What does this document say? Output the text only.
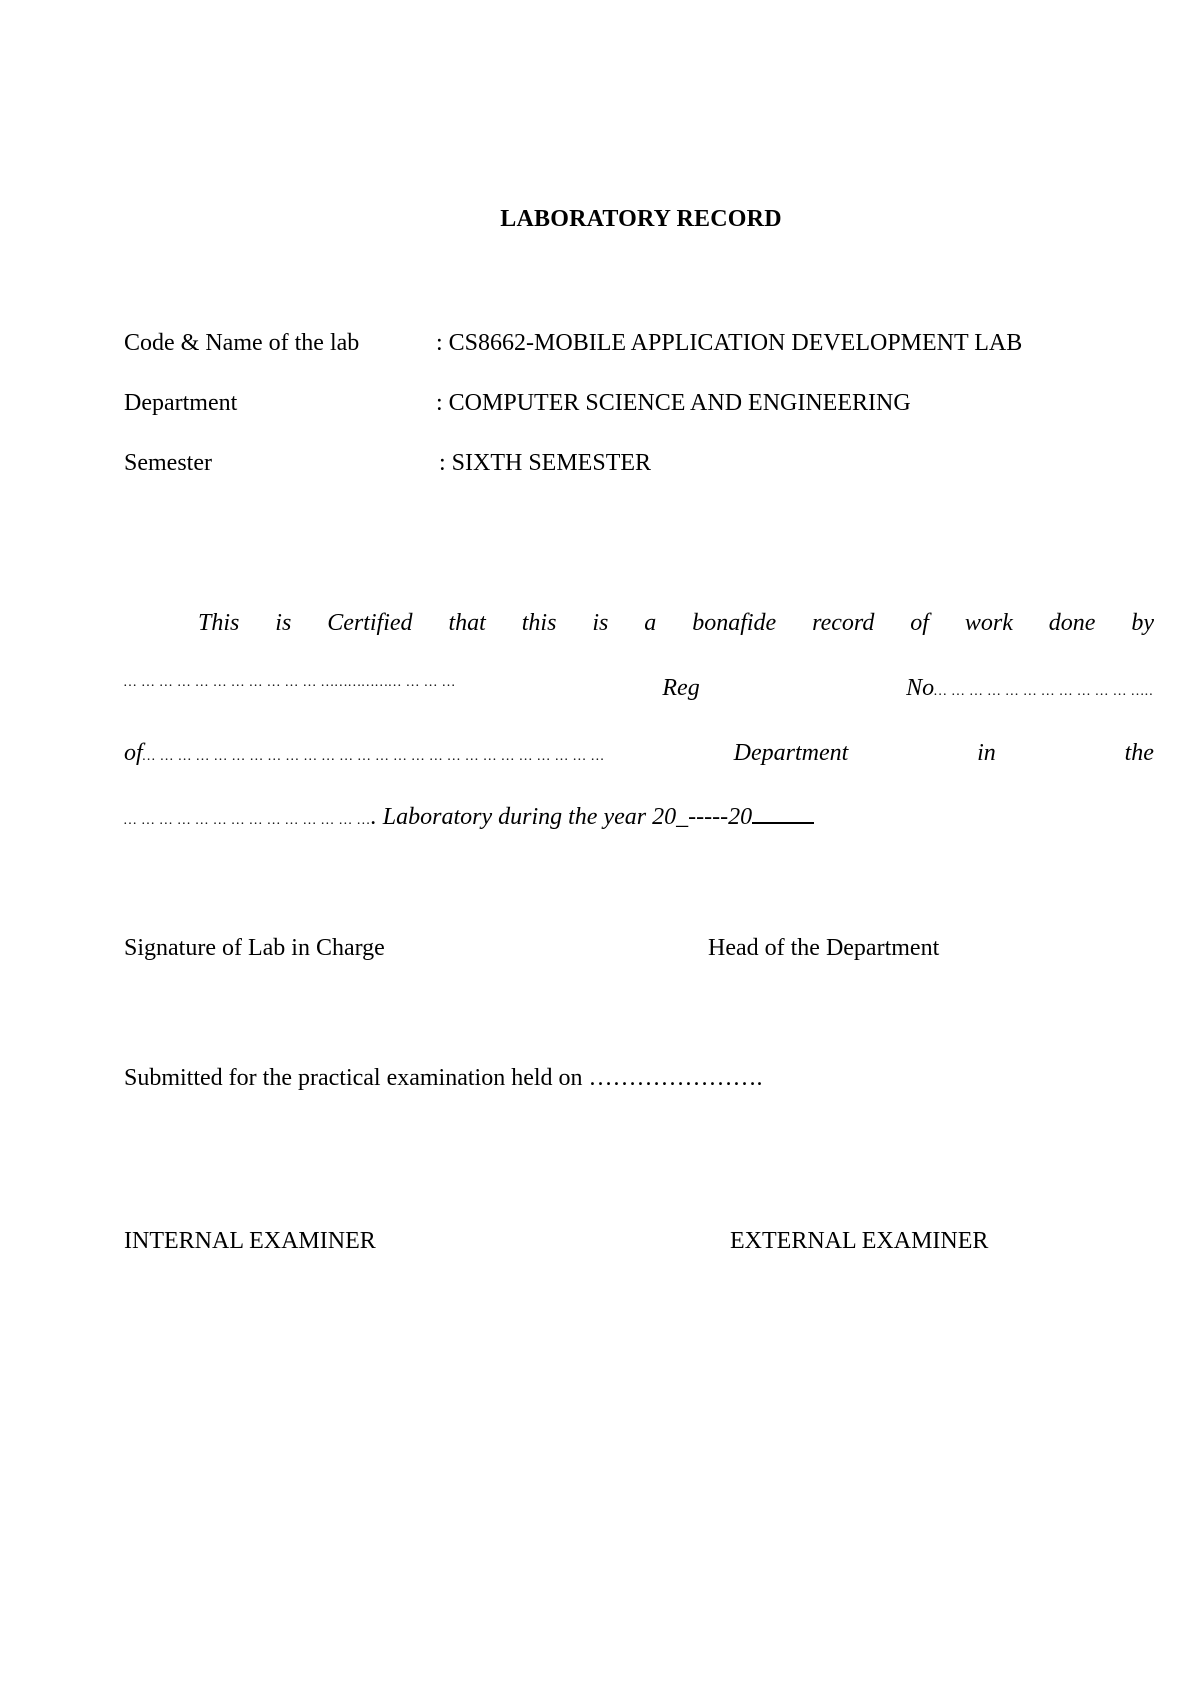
LABORATORY RECORD
Code & Name of the lab	: CS8662-MOBILE APPLICATION DEVELOPMENT LAB
Department	: COMPUTER SCIENCE AND ENGINEERING
Semester	: SIXTH SEMESTER
This is Certified that this is a bonafide record of work done by
… … … … … … … … … … … ……………… … … …	Reg	No… … … … … … … … … … … …..
of… … … … … … … … … … … … … … … … … … … … … … … … … …	Department	in	the
… … … … … … … … … … … … … …. Laboratory during the year 20_-----20
Signature of Lab in Charge	Head of the Department
Submitted for the practical examination held on ………………….
INTERNAL EXAMINER	EXTERNAL EXAMINER
